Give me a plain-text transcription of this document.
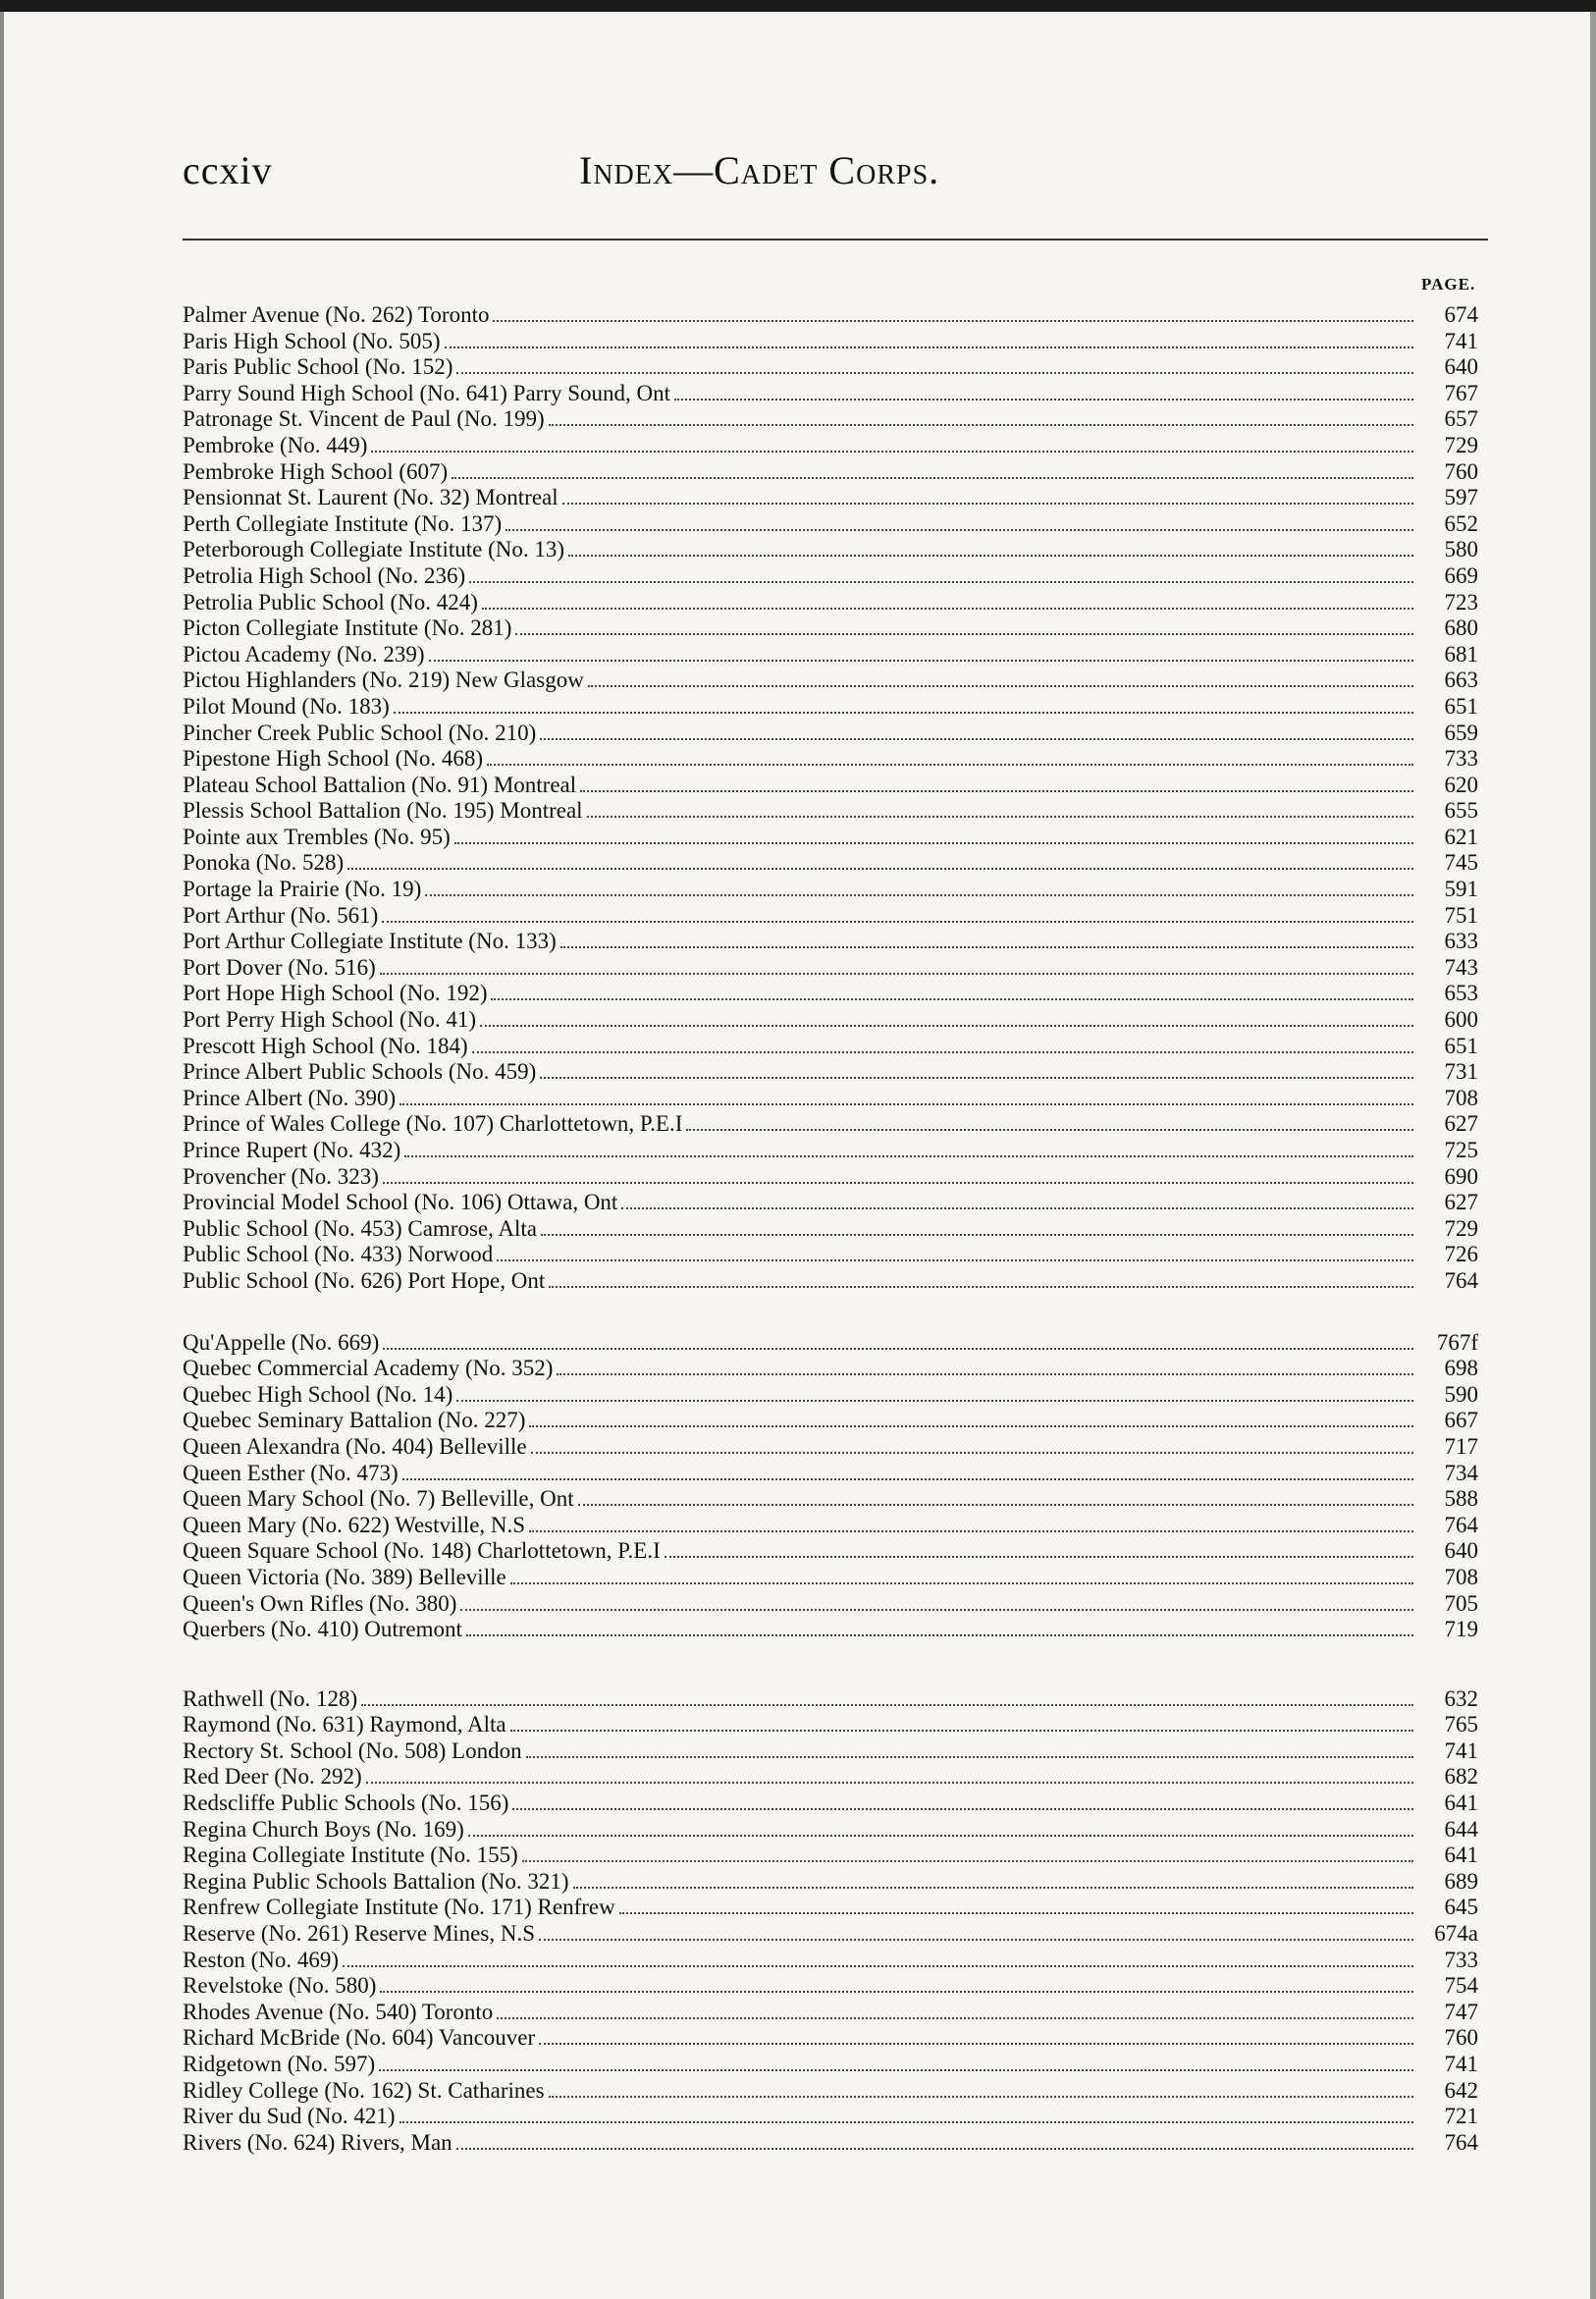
ccxiv	Index—Cadet Corps.
PAGE.
Palmer Avenue (No. 262) Toronto	674
Paris High School (No. 505)	741
Paris Public School (No. 152)	640
Parry Sound High School (No. 641) Parry Sound, Ont	767
Patronage St. Vincent de Paul (No. 199)	657
Pembroke (No. 449)	729
Pembroke High School (607)	760
Pensionnat St. Laurent (No. 32) Montreal	597
Perth Collegiate Institute (No. 137)	652
Peterborough Collegiate Institute (No. 13)	580
Petrolia High School (No. 236)	669
Petrolia Public School (No. 424)	723
Picton Collegiate Institute (No. 281)	680
Pictou Academy (No. 239)	681
Pictou Highlanders (No. 219) New Glasgow	663
Pilot Mound (No. 183)	651
Pincher Creek Public School (No. 210)	659
Pipestone High School (No. 468)	733
Plateau School Battalion (No. 91) Montreal	620
Plessis School Battalion (No. 195) Montreal	655
Pointe aux Trembles (No. 95)	621
Ponoka (No. 528)	745
Portage la Prairie (No. 19)	591
Port Arthur (No. 561)	751
Port Arthur Collegiate Institute (No. 133)	633
Port Dover (No. 516)	743
Port Hope High School (No. 192)	653
Port Perry High School (No. 41)	600
Prescott High School (No. 184)	651
Prince Albert Public Schools (No. 459)	731
Prince Albert (No. 390)	708
Prince of Wales College (No. 107) Charlottetown, P.E.I	627
Prince Rupert (No. 432)	725
Provencher (No. 323)	690
Provincial Model School (No. 106) Ottawa, Ont	627
Public School (No. 453) Camrose, Alta	729
Public School (No. 433) Norwood	726
Public School (No. 626) Port Hope, Ont	764
Qu'Appelle (No. 669)	767f
Quebec Commercial Academy (No. 352)	698
Quebec High School (No. 14)	590
Quebec Seminary Battalion (No. 227)	667
Queen Alexandra (No. 404) Belleville	717
Queen Esther (No. 473)	734
Queen Mary School (No. 7) Belleville, Ont	588
Queen Mary (No. 622) Westville, N.S	764
Queen Square School (No. 148) Charlottetown, P.E.I	640
Queen Victoria (No. 389) Belleville	708
Queen's Own Rifles (No. 380)	705
Querbers (No. 410) Outremont	719
Rathwell (No. 128)	632
Raymond (No. 631) Raymond, Alta	765
Rectory St. School (No. 508) London	741
Red Deer (No. 292)	682
Redscliffe Public Schools (No. 156)	641
Regina Church Boys (No. 169)	644
Regina Collegiate Institute (No. 155)	641
Regina Public Schools Battalion (No. 321)	689
Renfrew Collegiate Institute (No. 171) Renfrew	645
Reserve (No. 261) Reserve Mines, N.S	674a
Reston (No. 469)	733
Revelstoke (No. 580)	754
Rhodes Avenue (No. 540) Toronto	747
Richard McBride (No. 604) Vancouver	760
Ridgetown (No. 597)	741
Ridley College (No. 162) St. Catharines	642
River du Sud (No. 421)	721
Rivers (No. 624) Rivers, Man	764
